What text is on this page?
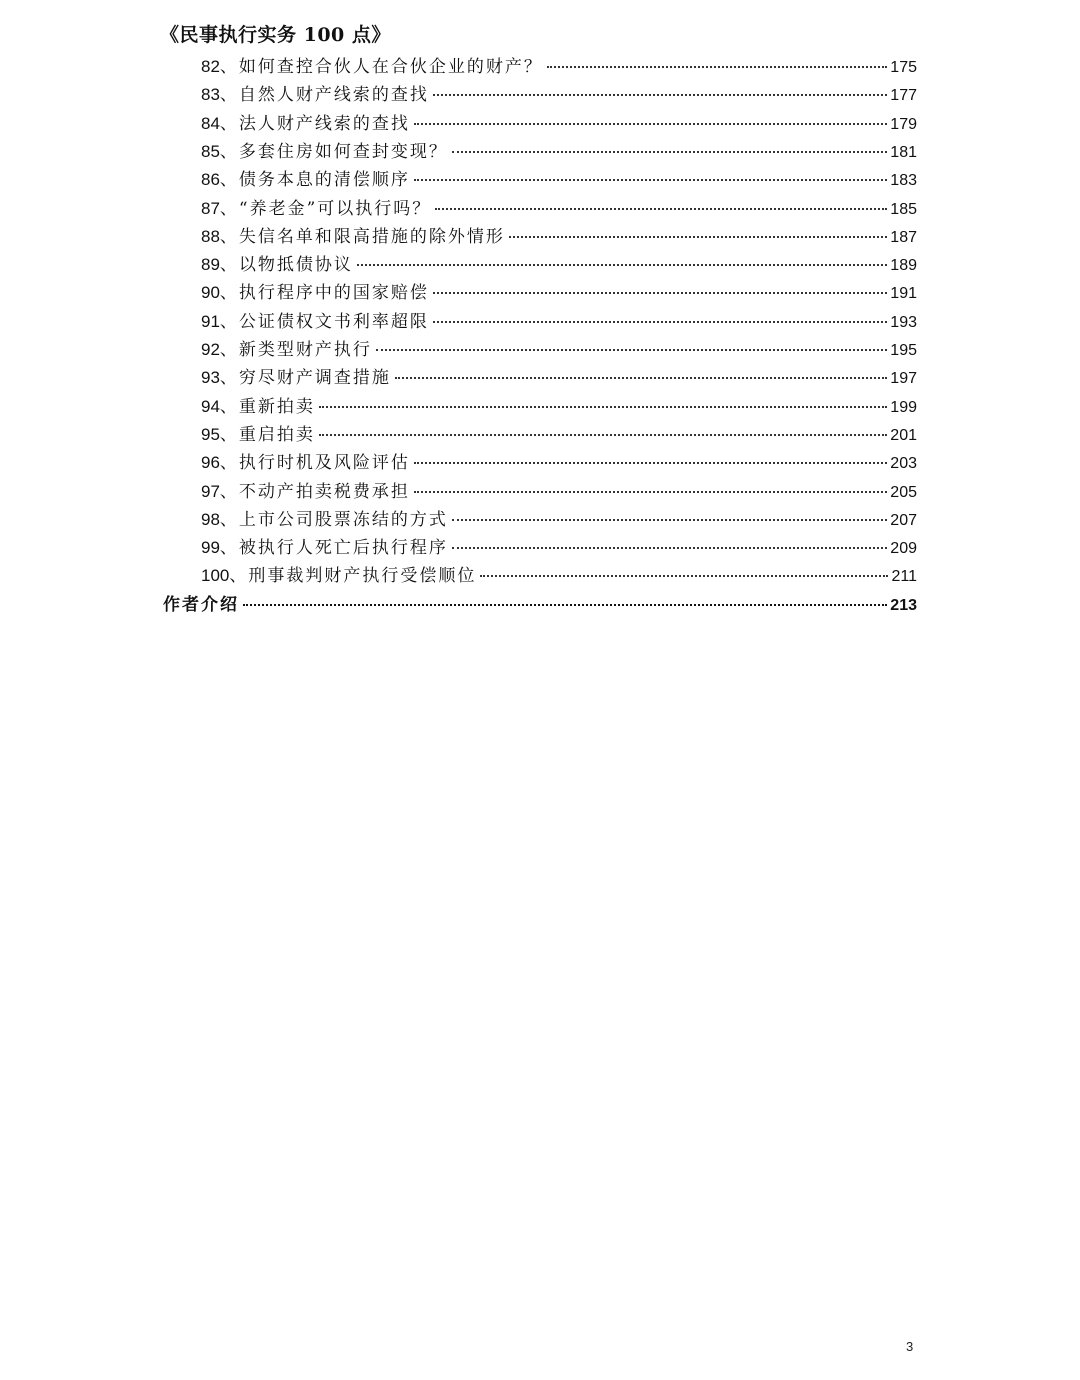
《民事执行实务 100 点》
82 、 如何查控合伙人在合伙企业的财产？	175
83 、 自然人财产线索的查找	177
84 、 法人财产线索的查找	179
85 、 多套住房如何查封变现？	181
86 、 债务本息的清偿顺序	183
87 、 “养老金”可以执行吗？	185
88 、 失信名单和限高措施的除外情形	187
89 、 以物抵债协议	189
90 、 执行程序中的国家赔偿	191
91 、 公证债权文书利率超限	193
92 、 新类型财产执行	195
93 、 穷尽财产调查措施	197
94 、 重新拍卖	199
95 、 重启拍卖	201
96 、 执行时机及风险评估	203
97 、 不动产拍卖税费承担	205
98 、 上市公司股票冻结的方式	207
99 、 被执行人死亡后执行程序	209
100 、 刑事裁判财产执行受偿顺位	211
作者介绍	213
3
